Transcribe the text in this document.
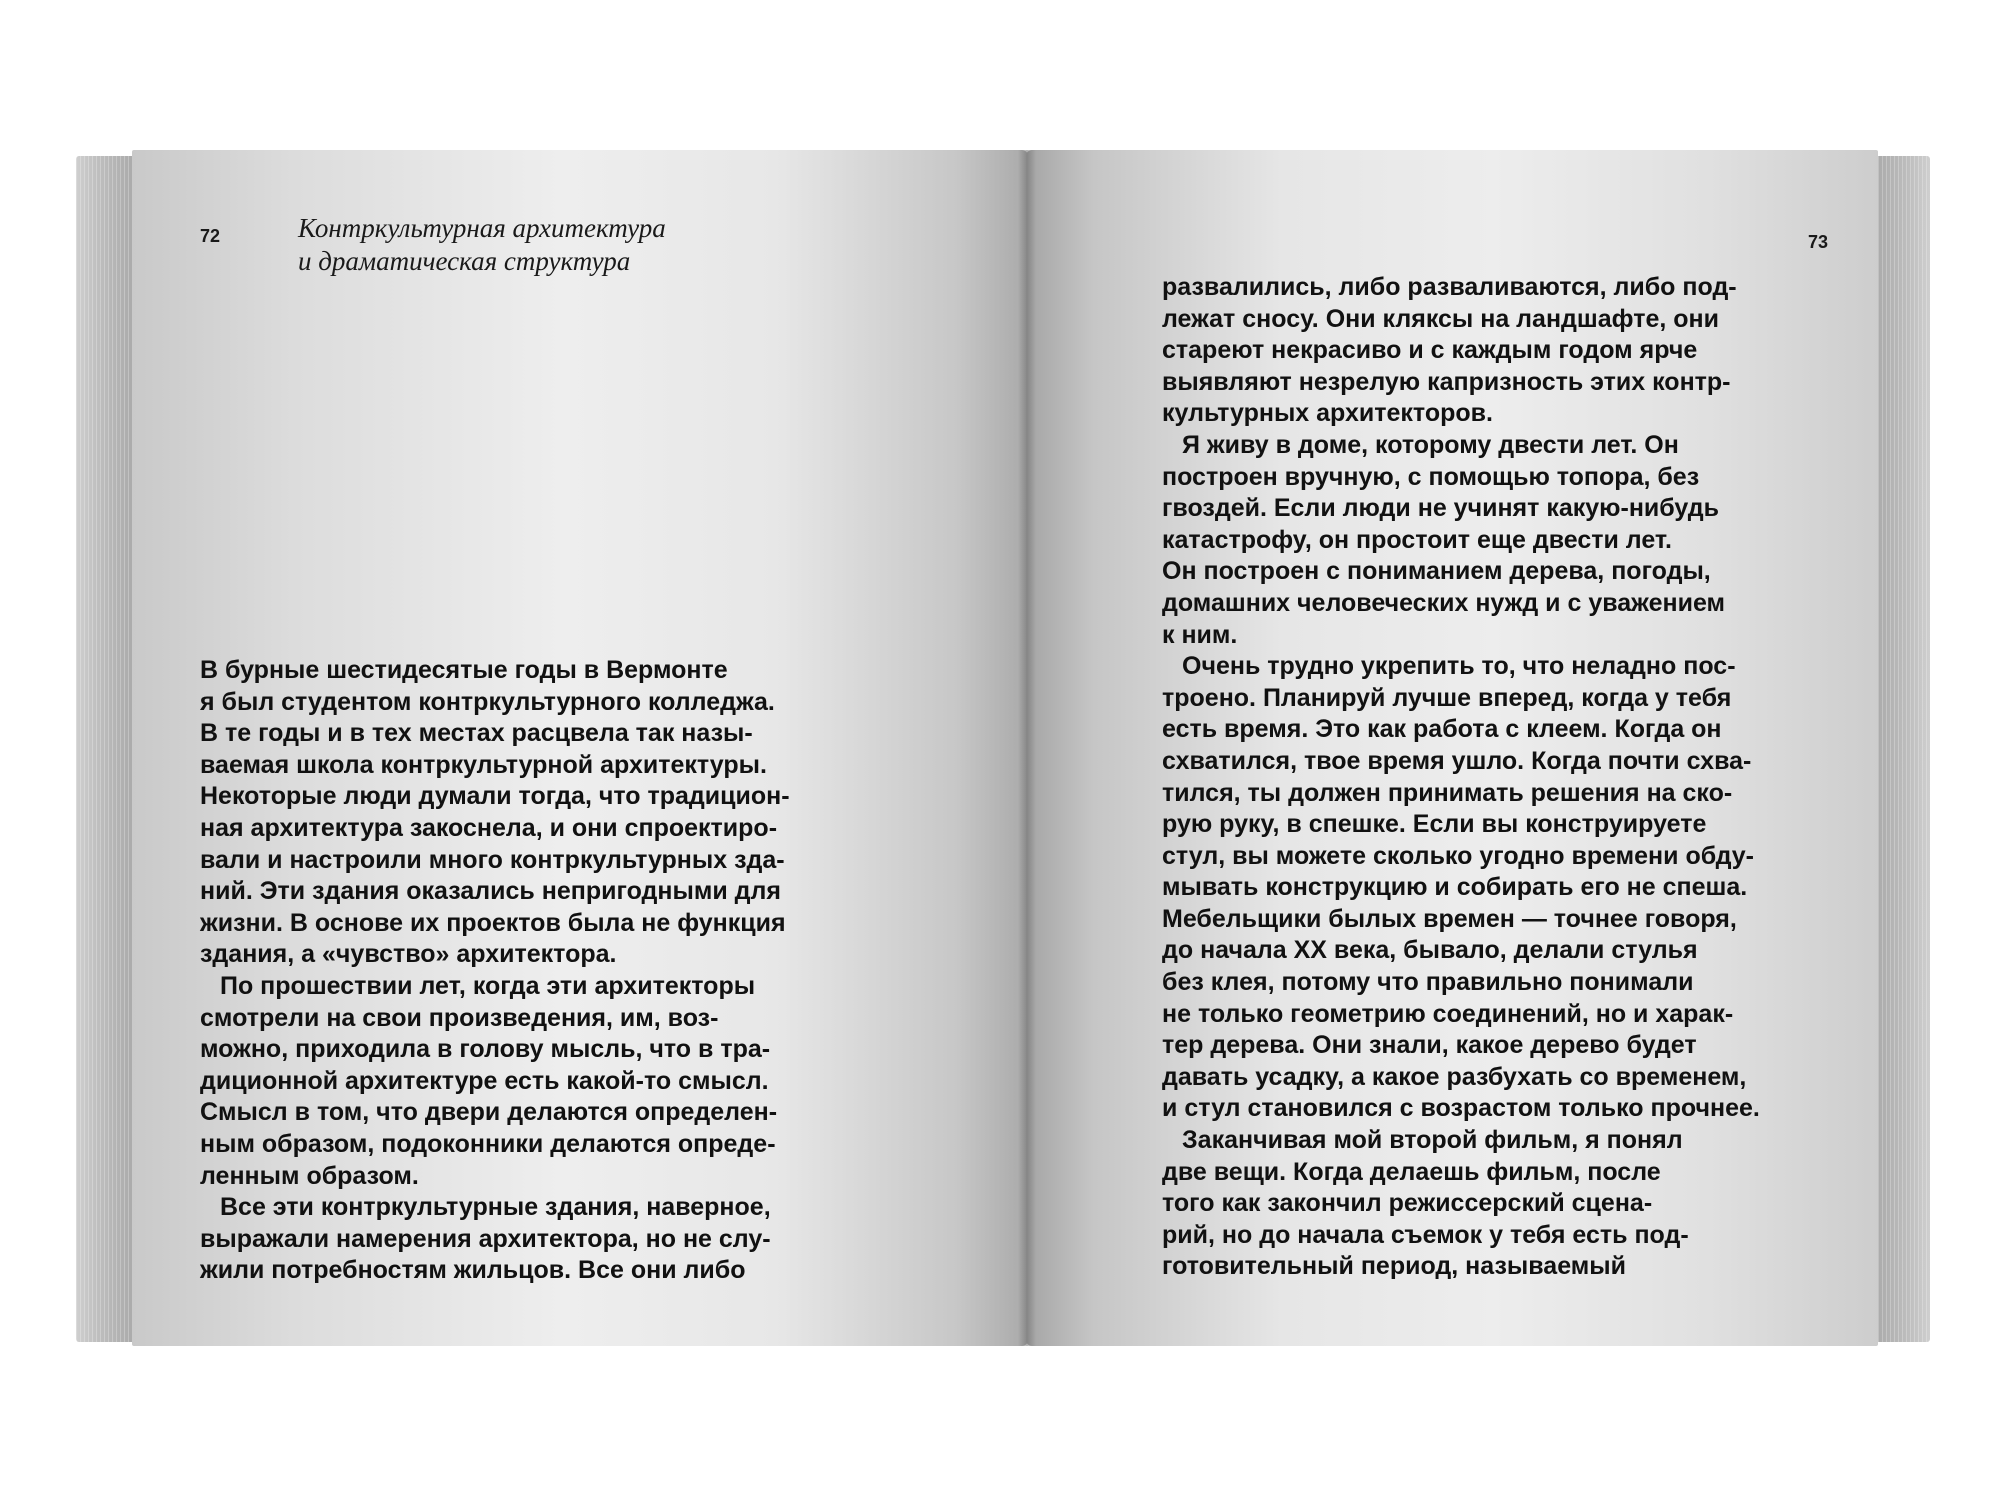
72	Контркультурная архитектура
и драматическая структура
В бурные шестидесятые годы в Вермонте
я был студентом контркультурного колледжа.
В те годы и в тех местах расцвела так назы-
ваемая школа контркультурной архитектуры.
Некоторые люди думали тогда, что традицион-
ная архитектура закоснела, и они спроектиро-
вали и настроили много контркультурных зда-
ний. Эти здания оказались непригодными для
жизни. В основе их проектов была не функция
здания, а «чувство» архитектора.
По прошествии лет, когда эти архитекторы
смотрели на свои произведения, им, воз-
можно, приходила в голову мысль, что в тра-
диционной архитектуре есть какой-то смысл.
Смысл в том, что двери делаются определен-
ным образом, подоконники делаются опреде-
ленным образом.
Все эти контркультурные здания, наверное,
выражали намерения архитектора, но не слу-
жили потребностям жильцов. Все они либо
73
развалились, либо разваливаются, либо под-
лежат сносу. Они кляксы на ландшафте, они
стареют некрасиво и с каждым годом ярче
выявляют незрелую капризность этих контр-
культурных архитекторов.
Я живу в доме, которому двести лет. Он
построен вручную, с помощью топора, без
гвоздей. Если люди не учинят какую-нибудь
катастрофу, он простоит еще двести лет.
Он построен с пониманием дерева, погоды,
домашних человеческих нужд и с уважением
к ним.
Очень трудно укрепить то, что неладно пос-
троено. Планируй лучше вперед, когда у тебя
есть время. Это как работа с клеем. Когда он
схватился, твое время ушло. Когда почти схва-
тился, ты должен принимать решения на ско-
рую руку, в спешке. Если вы конструируете
стул, вы можете сколько угодно времени обду-
мывать конструкцию и собирать его не спеша.
Мебельщики былых времен — точнее говоря,
до начала XX века, бывало, делали стулья
без клея, потому что правильно понимали
не только геометрию соединений, но и харак-
тер дерева. Они знали, какое дерево будет
давать усадку, а какое разбухать со временем,
и стул становился с возрастом только прочнее.
Заканчивая мой второй фильм, я понял
две вещи. Когда делаешь фильм, после
того как закончил режиссерский сцена-
рий, но до начала съемок у тебя есть под-
готовительный период, называемый
